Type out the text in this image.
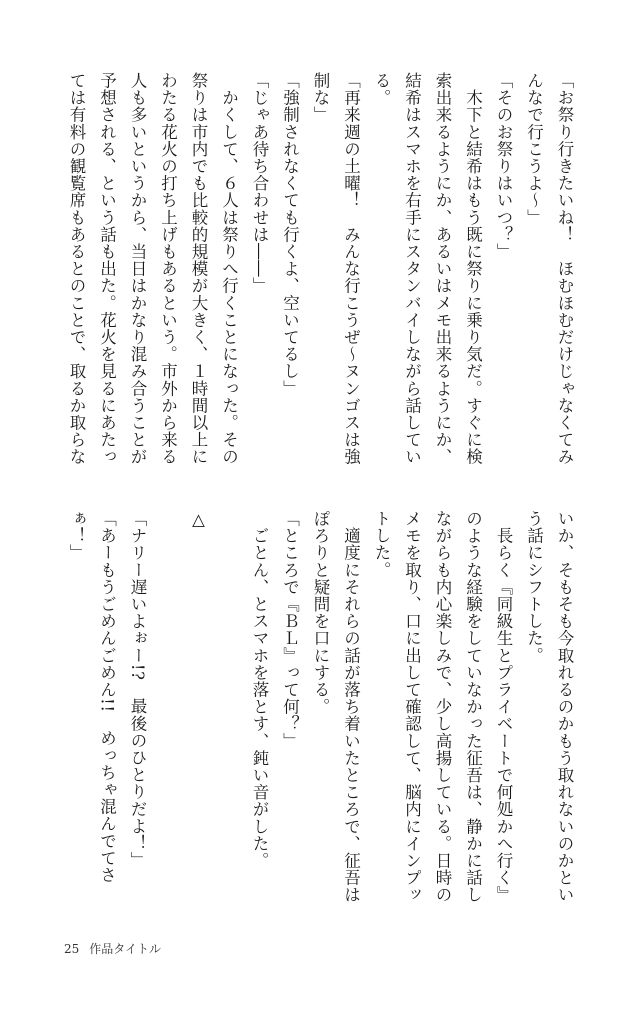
「お祭り行きたいね！　ほむほむだけじゃなくてみ
んなで行こうよ〜」
「そのお祭りはいつ？」
　木下と結希はもう既に祭りに乗り気だ。すぐに検
索出来るようにか、あるいはメモ出来るようにか、
結希はスマホを右手にスタンバイしながら話してい
る。
「再来週の土曜！　みんな行こうぜ〜ヌンゴスは強
制な」
「強制されなくても行くよ、空いてるし」
「じゃあ待ち合わせは――」
　かくして、６人は祭りへ行くことになった。その
祭りは市内でも比較的規模が大きく、１時間以上に
わたる花火の打ち上げもあるという。市外から来る
人も多いというから、当日はかなり混み合うことが
予想される、という話も出た。花火を見るにあたっ
ては有料の観覧席もあるとのことで、取るか取らな
いか、そもそも今取れるのかもう取れないのかとい
う話にシフトした。
　長らく『同級生とプライベートで何処かへ行く』
のような経験をしていなかった征吾は、静かに話し
ながらも内心楽しみで、少し高揚している。日時の
メモを取り、口に出して確認して、脳内にインプッ
トした。
　適度にそれらの話が落ち着いたところで、征吾は
ぽろりと疑問を口にする。
「ところで『ＢＬ』って何？」
　ごとん、とスマホを落とす、鈍い音がした。

△

「ナリー遅いよぉー!?　最後のひとりだよ！」
「あーもうごめんごめん!!　めっちゃ混んでてさ
ぁ！」
25 作品タイトル
